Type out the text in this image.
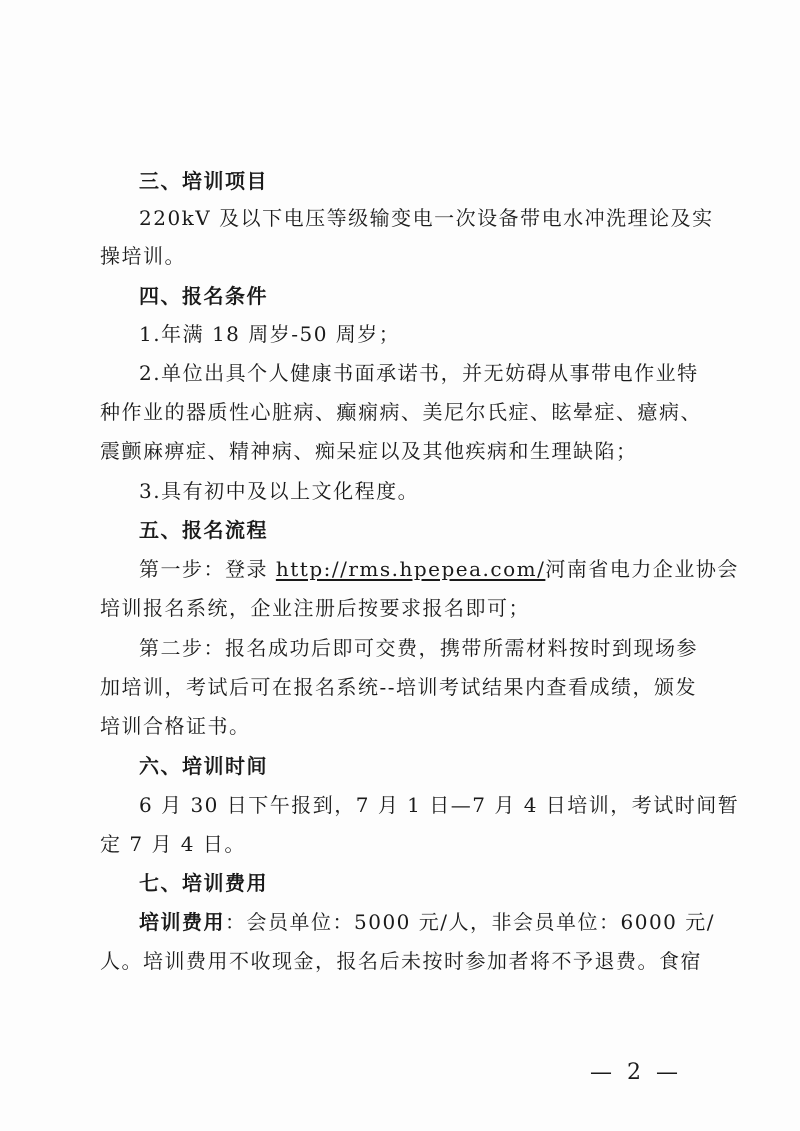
三、培训项目
220kV 及以下电压等级输变电一次设备带电水冲洗理论及实
操培训。
四、报名条件
1.年满 18 周岁-50 周岁；
2.单位出具个人健康书面承诺书，并无妨碍从事带电作业特
种作业的器质性心脏病、癫痫病、美尼尔氏症、眩晕症、癔病、
震颤麻痹症、精神病、痴呆症以及其他疾病和生理缺陷；
3.具有初中及以上文化程度。
五、报名流程
第一步：登录 http://rms.hpepea.com/河南省电力企业协会
培训报名系统，企业注册后按要求报名即可；
第二步：报名成功后即可交费，携带所需材料按时到现场参
加培训，考试后可在报名系统--培训考试结果内查看成绩，颁发
培训合格证书。
六、培训时间
6 月 30 日下午报到，7 月 1 日—7 月 4 日培训，考试时间暂
定 7 月 4 日。
七、培训费用
培训费用：会员单位：5000 元/人，非会员单位：6000 元/
人。培训费用不收现金，报名后未按时参加者将不予退费。食宿
— 2 —
